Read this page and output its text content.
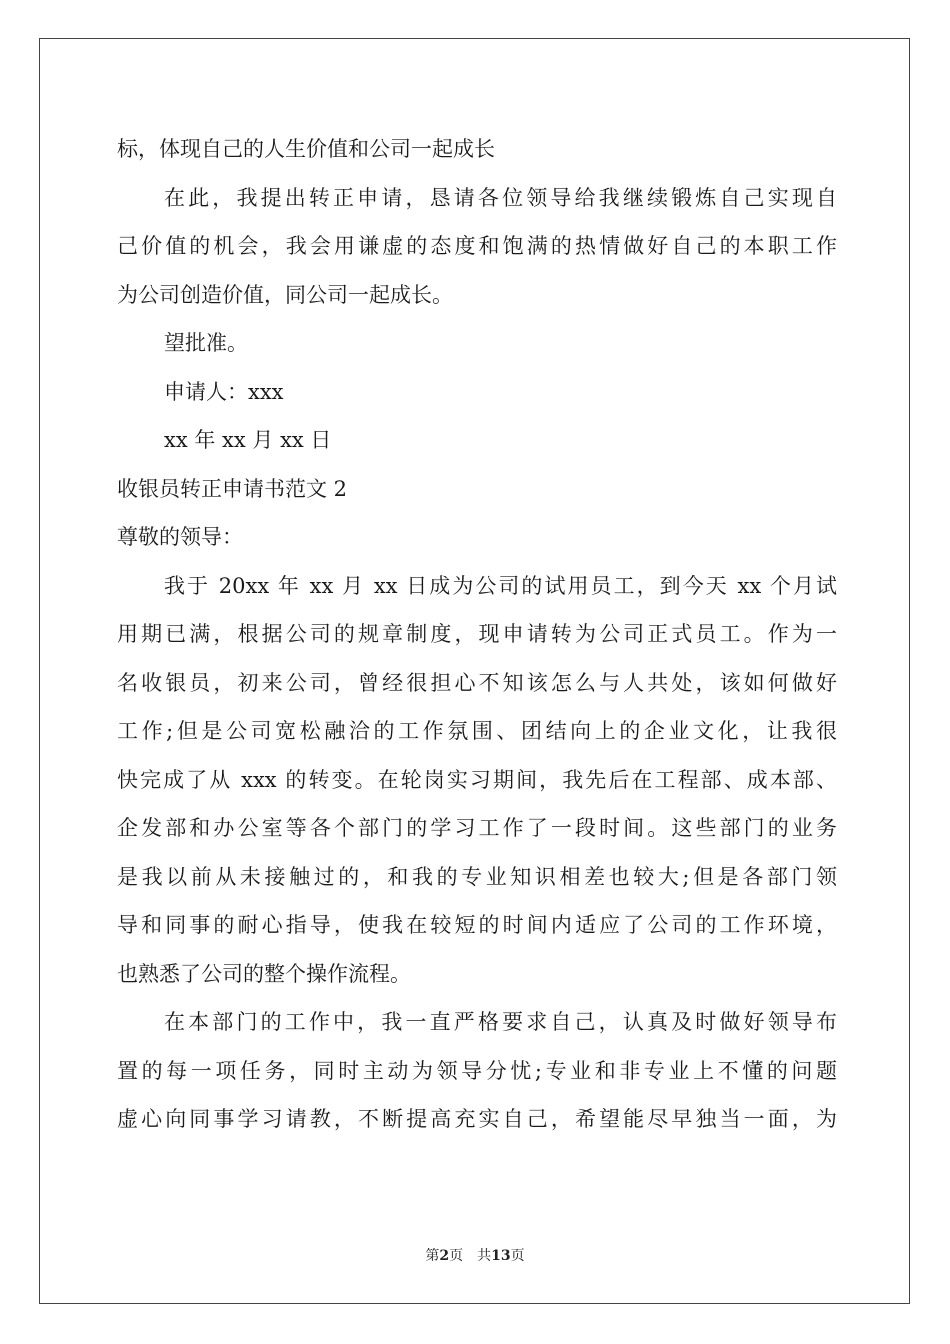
标，体现自己的人生价值和公司一起成长
在此，我提出转正申请，恳请各位领导给我继续锻炼自己实现自
己价值的机会，我会用谦虚的态度和饱满的热情做好自己的本职工作
为公司创造价值，同公司一起成长。
望批准。
申请人：xxx
xx 年 xx 月 xx 日
收银员转正申请书范文 2
尊敬的领导：
我于 20xx 年 xx 月 xx 日成为公司的试用员工，到今天 xx 个月试
用期已满，根据公司的规章制度，现申请转为公司正式员工。作为一
名收银员，初来公司，曾经很担心不知该怎么与人共处，该如何做好
工作;但是公司宽松融洽的工作氛围、团结向上的企业文化，让我很
快完成了从 xxx 的转变。在轮岗实习期间，我先后在工程部、成本部、
企发部和办公室等各个部门的学习工作了一段时间。这些部门的业务
是我以前从未接触过的，和我的专业知识相差也较大;但是各部门领
导和同事的耐心指导，使我在较短的时间内适应了公司的工作环境，
也熟悉了公司的整个操作流程。
在本部门的工作中，我一直严格要求自己，认真及时做好领导布
置的每一项任务，同时主动为领导分忧;专业和非专业上不懂的问题
虚心向同事学习请教，不断提高充实自己，希望能尽早独当一面，为
第2页 共13页
